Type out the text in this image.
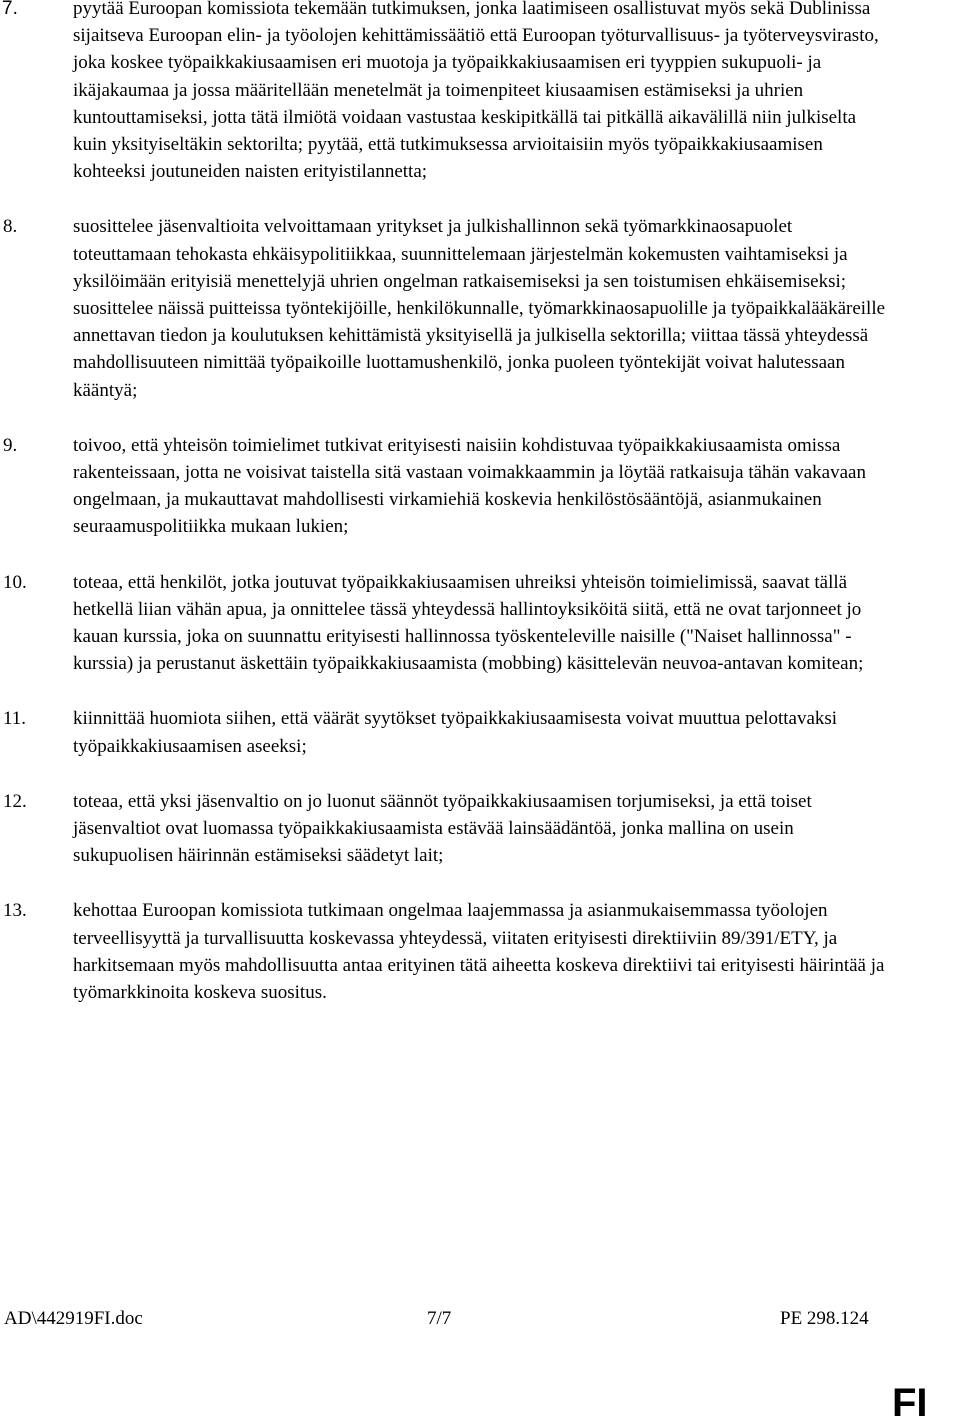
7.	pyytää Euroopan komissiota tekemään tutkimuksen, jonka laatimiseen osallistuvat myös sekä Dublinissa sijaitseva Euroopan elin- ja työolojen kehittämissäätiö että Euroopan työturvallisuus- ja työterveysvirasto, joka koskee työpaikkakiusaamisen eri muotoja ja työpaikkakiusaamisen eri tyyppien sukupuoli- ja ikäjakaumaa ja jossa määritellään menetelmät ja toimenpiteet kiusaamisen estämiseksi ja uhrien kuntouttamiseksi, jotta tätä ilmiötä voidaan vastustaa keskipitkällä tai pitkällä aikavälillä niin julkiselta kuin yksityiseltäkin sektorilta; pyytää, että tutkimuksessa arvioitaisiin myös työpaikkakiusaamisen kohteeksi joutuneiden naisten erityistilannetta;
8.	suosittelee jäsenvaltioita velvoittamaan yritykset ja julkishallinnon sekä työmarkkinaosapuolet toteuttamaan tehokasta ehkäisypolitiikkaa, suunnittelemaan järjestelmän kokemusten vaihtamiseksi ja yksilöimään erityisiä menettelyjä uhrien ongelman ratkaisemiseksi ja sen toistumisen ehkäisemiseksi; suosittelee näissä puitteissa työntekijöille, henkilökunnalle, työmarkkinaosapuolille ja työpaikkalääkäreille annettavan tiedon ja koulutuksen kehittämistä yksityisellä ja julkisella sektorilla; viittaa tässä yhteydessä mahdollisuuteen nimittää työpaikoille luottamushenkilö, jonka puoleen työntekijät voivat halutessaan kääntyä;
9.	toivoo, että yhteisön toimielimet tutkivat erityisesti naisiin kohdistuvaa työpaikkakiusaamista omissa rakenteissaan, jotta ne voisivat taistella sitä vastaan voimakkaammin ja löytää ratkaisuja tähän vakavaan ongelmaan, ja mukauttavat mahdollisesti virkamiehiä koskevia henkilöstösääntöjä, asianmukainen seuraamuspolitiikka mukaan lukien;
10.	toteaa, että henkilöt, jotka joutuvat työpaikkakiusaamisen uhreiksi yhteisön toimielimissä, saavat tällä hetkellä liian vähän apua, ja onnittelee tässä yhteydessä hallintoyksiköitä siitä, että ne ovat tarjonneet jo kauan kurssia, joka on suunnattu erityisesti hallinnossa työskenteleville naisille ("Naiset hallinnossa" -kurssia) ja perustanut äskettäin työpaikkakiusaamista (mobbing) käsittelevän neuvoa-antavan komitean;
11.	kiinnittää huomiota siihen, että väärät syytökset työpaikkakiusaamisesta voivat muuttua pelottavaksi työpaikkakiusaamisen aseeksi;
12.	toteaa, että yksi jäsenvaltio on jo luonut säännöt työpaikkakiusaamisen torjumiseksi, ja että toiset jäsenvaltiot ovat luomassa työpaikkakiusaamista estävää lainsäädäntöä, jonka mallina on usein sukupuolisen häirinnän estämiseksi säädetyt lait;
13.	kehottaa Euroopan komissiota tutkimaan ongelmaa laajemmassa ja asianmukaisemmassa työolojen terveellisyyttä ja turvallisuutta koskevassa yhteydessä, viitaten erityisesti direktiiviin 89/391/ETY, ja harkitsemaan myös mahdollisuutta antaa erityinen tätä aiheetta koskeva direktiivi tai erityisesti häirintää ja työmarkkinoita koskeva suositus.
AD\442919FI.doc	7/7	PE 298.124
FI
